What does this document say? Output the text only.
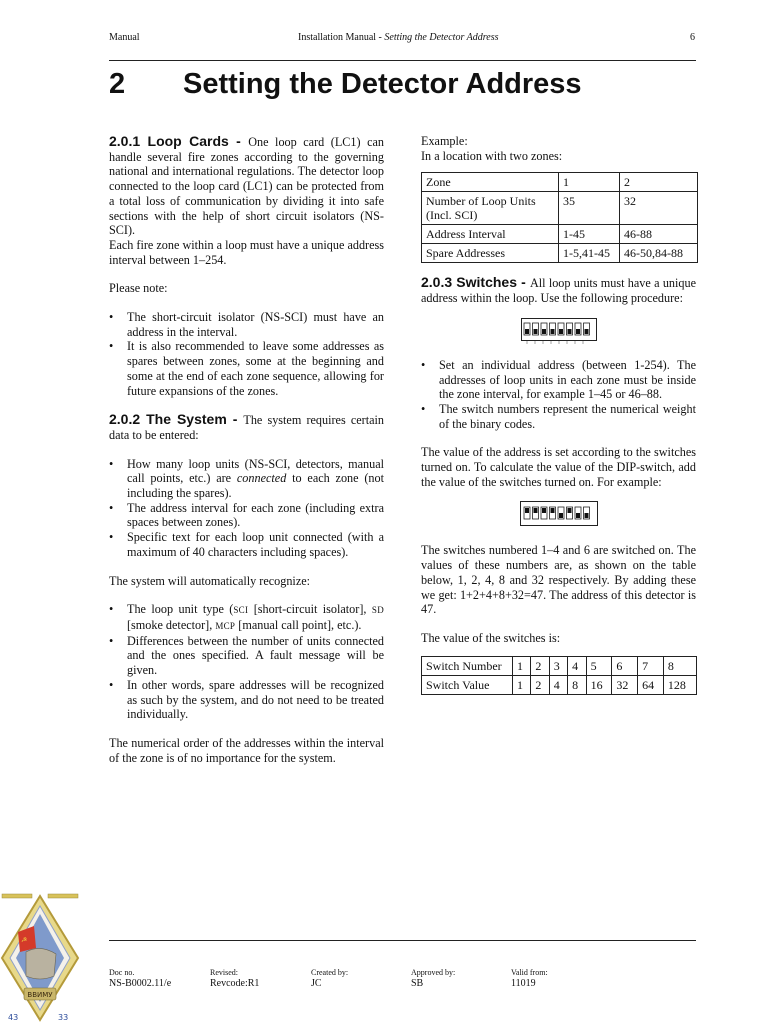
Manual	Installation Manual - Setting the Detector Address	6
2 Setting the Detector Address

2.0.1 Loop Cards - One loop card (LC1) can handle several fire zones according to the governing national and international regulations. The detector loop connected to the loop card (LC1) can be protected from a total loss of communication by dividing it into safe sections with the help of short circuit isolators (NS-SCI).

Each fire zone within a loop must have a unique address interval between 1–254.

Please note:

• The short-circuit isolator (NS-SCI) must have an address in the interval.
• It is also recommended to leave some addresses as spares between zones, some at the beginning and some at the end of each zone sequence, allowing for future expansions of the zones.

2.0.2 The System - The system requires certain data to be entered:

• How many loop units (NS-SCI, detectors, manual call points, etc.) are connected to each zone (not including the spares).
• The address interval for each zone (including extra spaces between zones).
• Specific text for each loop unit connected (with a maximum of 40 characters including spaces).

The system will automatically recognize:

• The loop unit type (SCI [short-circuit isolator], SD [smoke detector], MCP [manual call point], etc.).
• Differences between the number of units connected and the ones specified. A fault message will be given.
• In other words, spare addresses will be recognized as such by the system, and do not need to be treated individually.

The numerical order of the addresses within the interval of the zone is of no importance for the system.

Example:

In a location with two zones:

Zone	1	2
Number of Loop Units (Incl. SCI)	35	32
Address Interval	1-45	46-88
Spare Addresses	1-5,41-45	46-50,84-88

2.0.3 Switches - All loop units must have a unique address within the loop. Use the following procedure:

• Set an individual address (between 1-254). The addresses of loop units in each zone must be inside the zone interval, for example 1–45 or 46–88.
• The switch numbers represent the numerical weight of the binary codes.

The value of the address is set according to the switches turned on. To calculate the value of the DIP-switch, add the value of the switches turned on. For example:

The switches numbered 1–4 and 6 are switched on. The values of these numbers are, as shown on the table below, 1, 2, 4, 8 and 32 respectively. By adding these we get: 1+2+4+8+32=47. The address of this detector is 47.

The value of the switches is:

Switch Number	1	2	3	4	5	6	7	8
Switch Value	1	2	4	8	16	32	64	128
Doc no.
NS-B0002.11/e
Revised:
Revcode:R1
Created by:
JC
Approved by:
SB
Valid from:
11019
☭
ВВИМУ
43	33
